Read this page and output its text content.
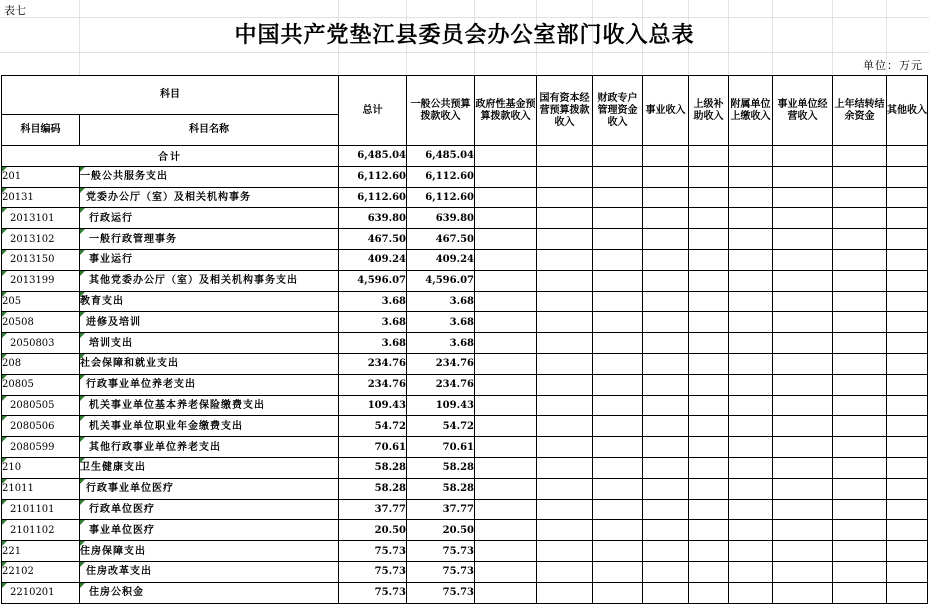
表七
中国共产党垫江县委员会办公室部门收入总表
单位：万元
科目		总计	一般公共预算拨款收入	政府性基金预算拨款收入	国有资本经营预算拨款收入	财政专户管理资金收入	事业收入	上级补助收入	附属单位上缴收入	事业单位经营收入	上年结转结余资金	其他收入
科目编码	科目名称											
合计		6,485.04	6,485.04									

201	一般公共服务支出	6,112.60	6,112.60									

20131	党委办公厅（室）及相关机构事务	6,112.60	6,112.60									

2013101	行政运行	639.80	639.80									

2013102	一般行政管理事务	467.50	467.50									

2013150	事业运行	409.24	409.24									

2013199	其他党委办公厅（室）及相关机构事务支出	4,596.07	4,596.07									

205	教育支出	3.68	3.68									

20508	进修及培训	3.68	3.68									

2050803	培训支出	3.68	3.68									

208	社会保障和就业支出	234.76	234.76									

20805	行政事业单位养老支出	234.76	234.76									

2080505	机关事业单位基本养老保险缴费支出	109.43	109.43									

2080506	机关事业单位职业年金缴费支出	54.72	54.72									

2080599	其他行政事业单位养老支出	70.61	70.61									

210	卫生健康支出	58.28	58.28									

21011	行政事业单位医疗	58.28	58.28									

2101101	行政单位医疗	37.77	37.77									

2101102	事业单位医疗	20.50	20.50									

221	住房保障支出	75.73	75.73									

22102	住房改革支出	75.73	75.73									

2210201	住房公积金	75.73	75.73									
